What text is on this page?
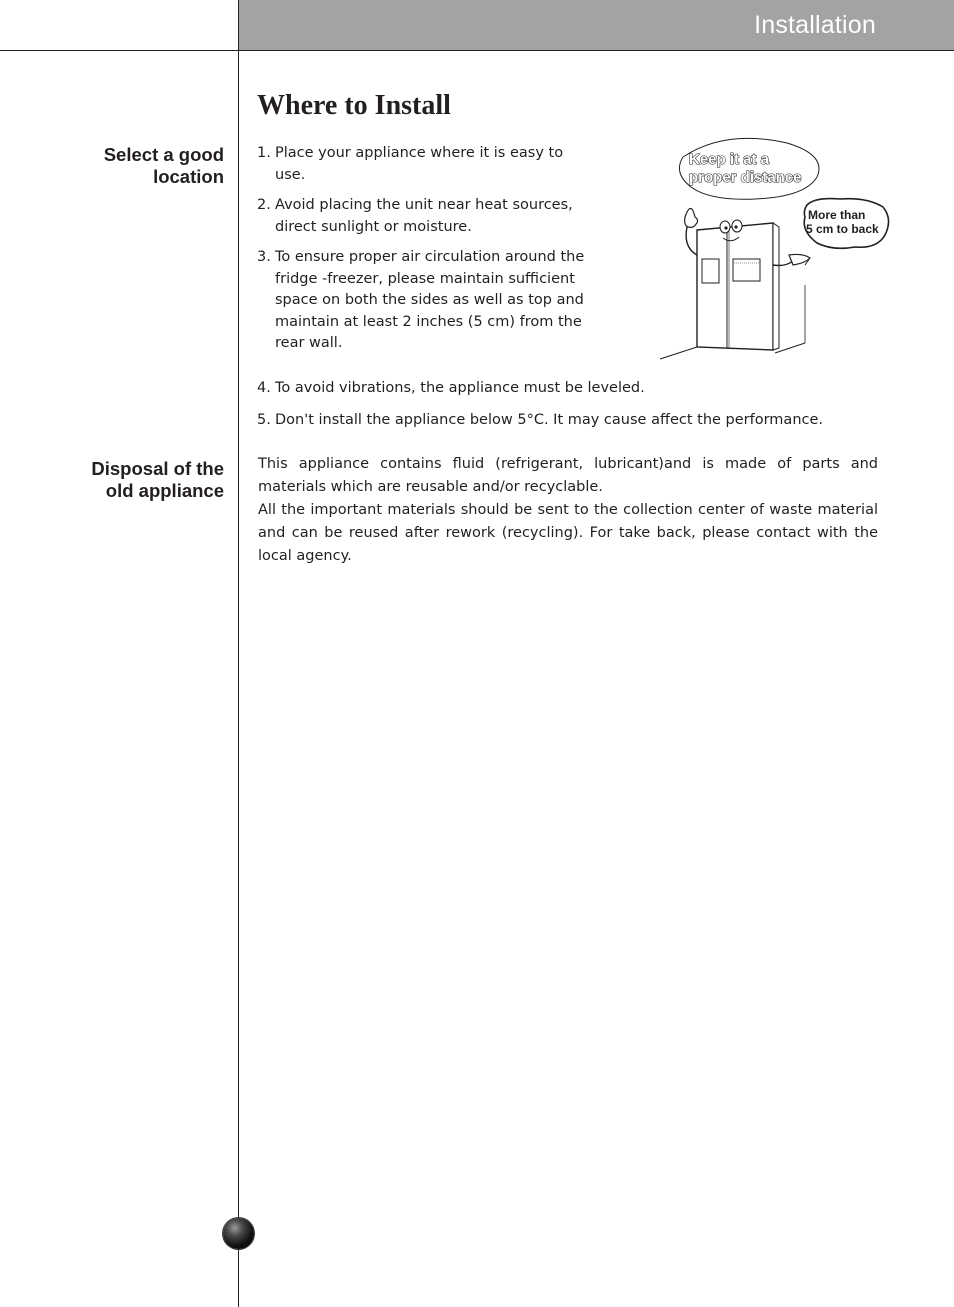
Installation
Select a good
location
Disposal of the
old appliance
Where to Install
1. Place your appliance where it is easy to use.
2. Avoid placing the unit near heat sources, direct sunlight or moisture.
3. To ensure proper air circulation around the fridge -freezer, please maintain sufficient space on both the sides as well as top and maintain at least 2 inches (5 cm) from the rear wall.
4. To avoid vibrations, the appliance must be leveled.
5. Don't install the appliance below 5°C. It may cause affect the performance.
Keep it at a
proper distance
More than
5 cm to back

This appliance contains fluid (refrigerant, lubricant)and is made of parts and materials which are reusable and/or recyclable.

All the important materials should be sent to the collection center of waste material and can be reused after rework (recycling). For take back, please contact with the local agency.
